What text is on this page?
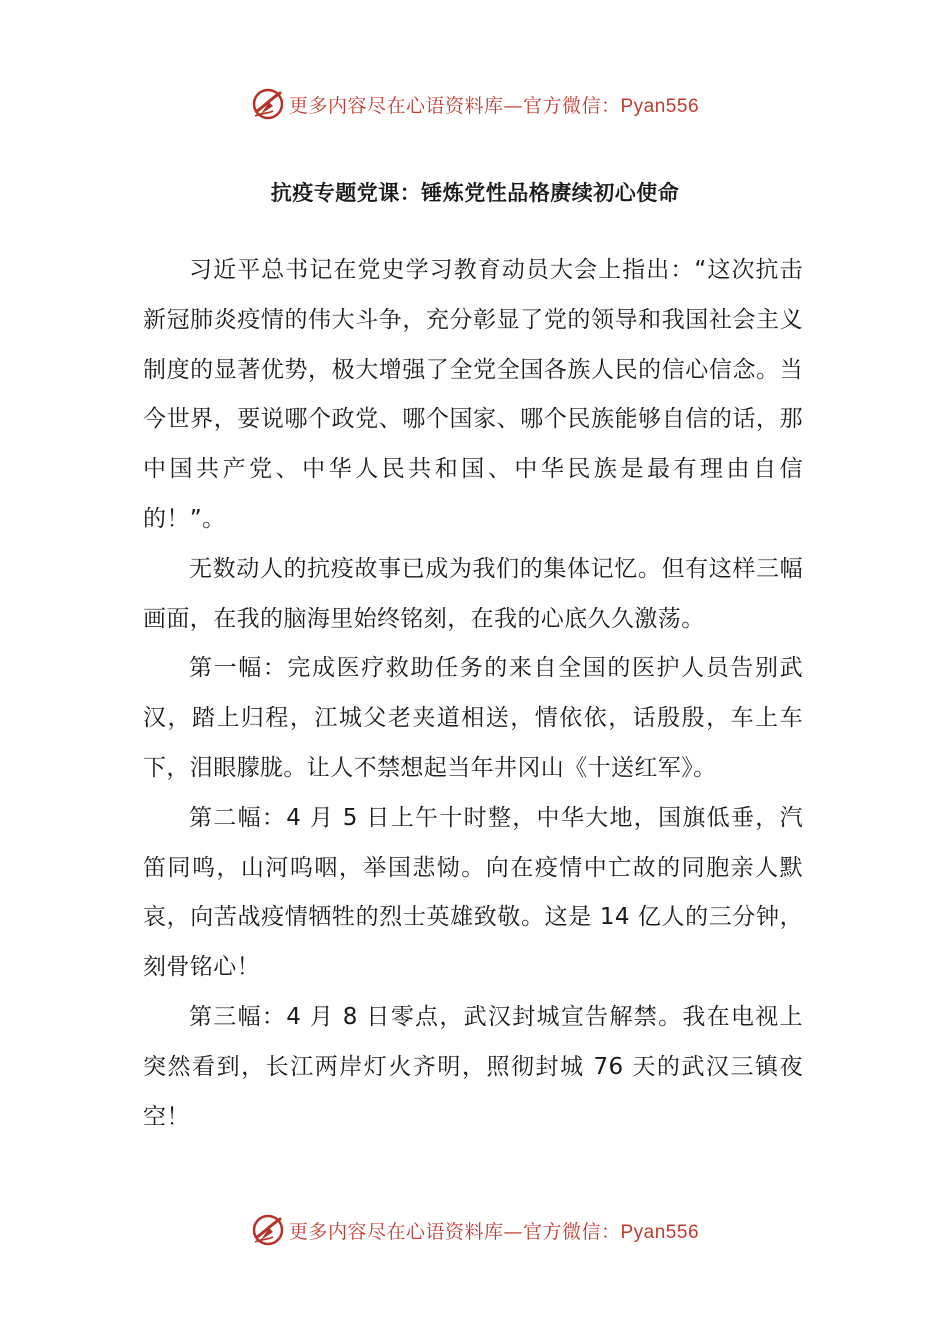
更多内容尽在心语资料库—官方微信：Pyan556
抗疫专题党课：锤炼党性品格赓续初心使命

习近平总书记在党史学习教育动员大会上指出：“这次抗击新冠肺炎疫情的伟大斗争，充分彰显了党的领导和我国社会主义制度的显著优势，极大增强了全党全国各族人民的信心信念。当今世界，要说哪个政党、哪个国家、哪个民族能够自信的话，那中国共产党、中华人民共和国、中华民族是最有理由自信的！”。

无数动人的抗疫故事已成为我们的集体记忆。但有这样三幅画面，在我的脑海里始终铭刻，在我的心底久久激荡。

第一幅：完成医疗救助任务的来自全国的医护人员告别武汉，踏上归程，江城父老夹道相送，情依依，话殷殷，车上车下，泪眼朦胧。让人不禁想起当年井冈山《十送红军》。

第二幅：4 月 5 日上午十时整，中华大地，国旗低垂，汽笛同鸣，山河呜咽，举国悲恸。向在疫情中亡故的同胞亲人默哀，向苦战疫情牺牲的烈士英雄致敬。这是 14 亿人的三分钟，刻骨铭心！

第三幅：4 月 8 日零点，武汉封城宣告解禁。我在电视上突然看到，长江两岸灯火齐明，照彻封城 76 天的武汉三镇夜空！

更多内容尽在心语资料库—官方微信：Pyan556
